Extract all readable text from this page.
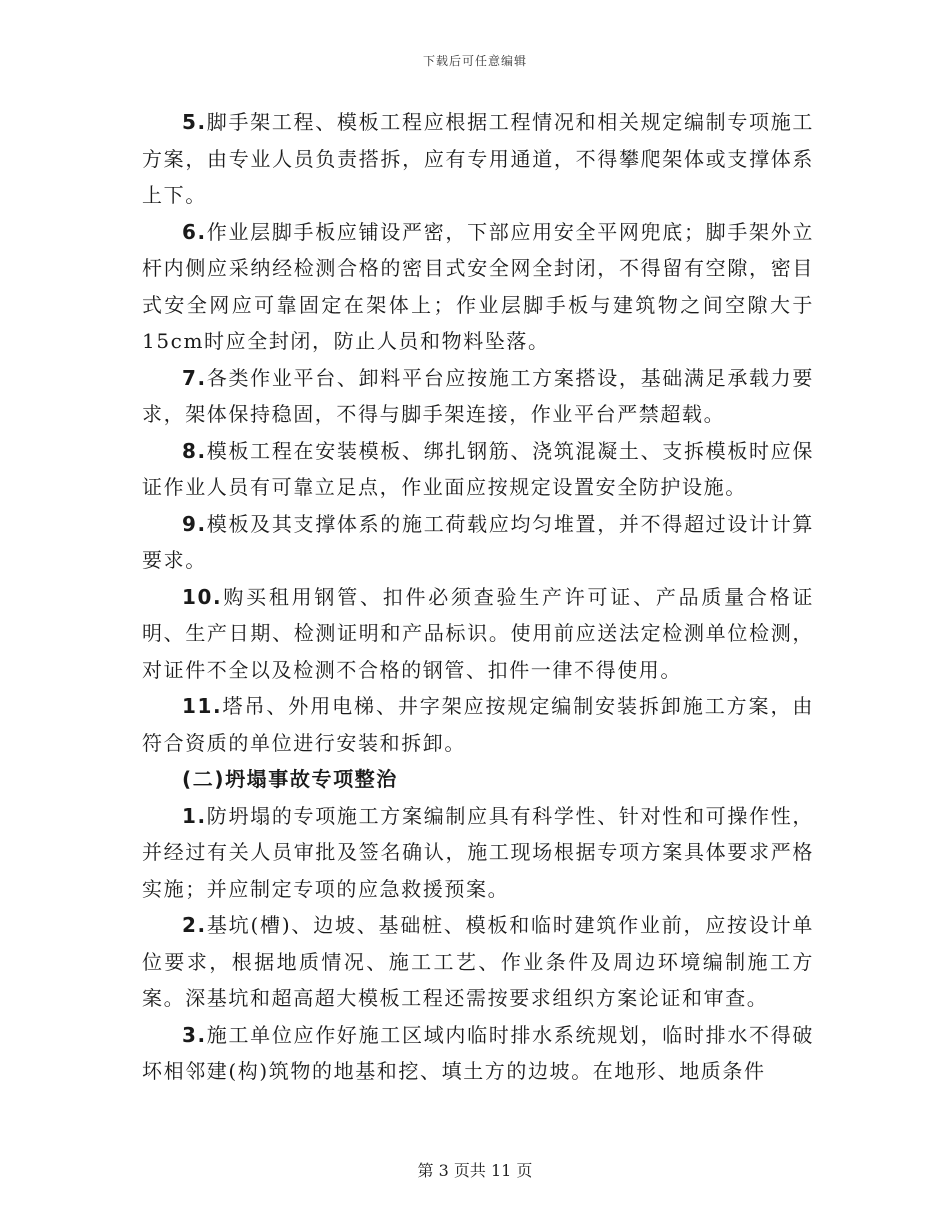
下载后可任意编辑

5.脚手架工程、模板工程应根据工程情况和相关规定编制专项施工方案，由专业人员负责搭拆，应有专用通道，不得攀爬架体或支撑体系上下。

6.作业层脚手板应铺设严密，下部应用安全平网兜底；脚手架外立杆内侧应采纳经检测合格的密目式安全网全封闭，不得留有空隙，密目式安全网应可靠固定在架体上；作业层脚手板与建筑物之间空隙大于15cm时应全封闭，防止人员和物料坠落。

7.各类作业平台、卸料平台应按施工方案搭设，基础满足承载力要求，架体保持稳固，不得与脚手架连接，作业平台严禁超载。

8.模板工程在安装模板、绑扎钢筋、浇筑混凝土、支拆模板时应保证作业人员有可靠立足点，作业面应按规定设置安全防护设施。

9.模板及其支撑体系的施工荷载应均匀堆置，并不得超过设计计算要求。

10.购买租用钢管、扣件必须查验生产许可证、产品质量合格证明、生产日期、检测证明和产品标识。使用前应送法定检测单位检测，对证件不全以及检测不合格的钢管、扣件一律不得使用。

11.塔吊、外用电梯、井字架应按规定编制安装拆卸施工方案，由符合资质的单位进行安装和拆卸。

(二)坍塌事故专项整治

1.防坍塌的专项施工方案编制应具有科学性、针对性和可操作性，并经过有关人员审批及签名确认，施工现场根据专项方案具体要求严格实施；并应制定专项的应急救援预案。

2.基坑(槽)、边坡、基础桩、模板和临时建筑作业前，应按设计单位要求，根据地质情况、施工工艺、作业条件及周边环境编制施工方案。深基坑和超高超大模板工程还需按要求组织方案论证和审查。

3.施工单位应作好施工区域内临时排水系统规划，临时排水不得破坏相邻建(构)筑物的地基和挖、填土方的边坡。在地形、地质条件

第 3 页共 11 页
